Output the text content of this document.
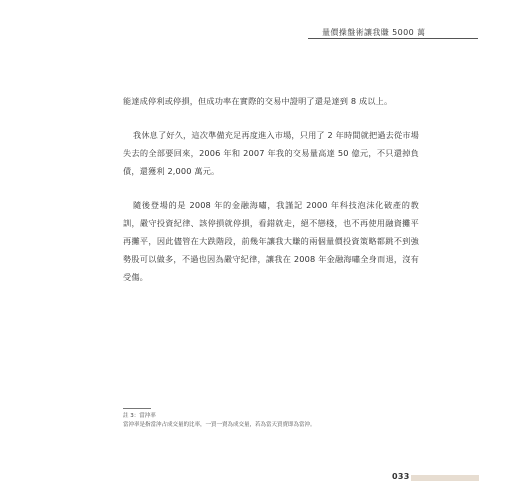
量價操盤術讓我賺 5000 萬

能達成停利或停損，但成功率在實際的交易中證明了還是達到 8 成以上。

我休息了好久，這次準備充足再度進入市場，只用了 2 年時間就把過去從市場失去的全部要回來，2006 年和 2007 年我的交易量高達 50 億元，不只還掉負債，還獲利 2,000 萬元。

隨後登場的是 2008 年的金融海嘯，我謹記 2000 年科技泡沫化破產的教訓，嚴守投資紀律、該停損就停損，看錯就走，絕不戀棧，也不再使用融資攤平再攤平，因此儘管在大跌階段，前幾年讓我大賺的兩個量價投資策略都跳不到強勢股可以做多，不過也因為嚴守紀律，讓我在 2008 年金融海嘯全身而退，沒有受傷。

註 3：當沖率
當沖率是指當沖占成交量的比率，一買一賣為成交量，若為當天買賣即為當沖。
033
